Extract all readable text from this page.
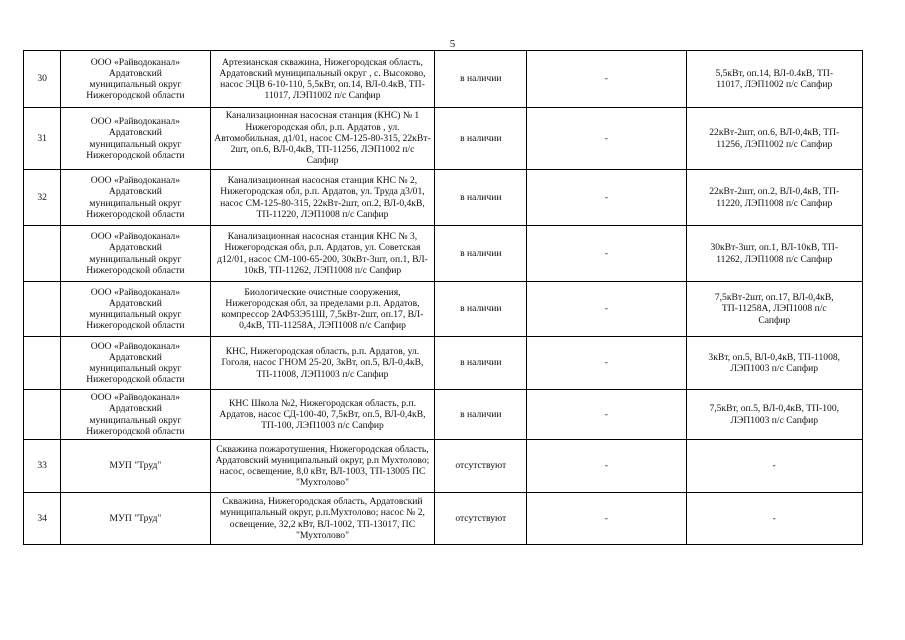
5
30	ООО «Райводоканал»
Ардатовский
муниципальный округ
Нижегородской области	Артезианская скважина, Нижегородская область,
Ардатовский муниципальный округ , с. Высоково,
насос ЭЦВ 6-10-110, 5,5кВт, оп.14, ВЛ-0.4кВ, ТП-
11017, ЛЭП1002 п/с Сапфир	в наличии	-	5,5кВт, оп.14, ВЛ-0.4кВ, ТП-
11017, ЛЭП1002 п/с Сапфир
31	ООО «Райводоканал»
Ардатовский
муниципальный округ
Нижегородской области	Канализационная насосная станция (КНС) № 1
Нижегородская обл, р.п. Ардатов , ул.
Автомобильная, д1/01, насос СМ-125-80-315, 22кВт-
2шт, оп.6, ВЛ-0,4кВ, ТП-11256, ЛЭП1002 п/с
Сапфир	в наличии	-	22кВт-2шт, оп.6, ВЛ-0,4кВ, ТП-
11256, ЛЭП1002 п/с Сапфир
32	ООО «Райводоканал»
Ардатовский
муниципальный округ
Нижегородской области	Канализационная насосная станция КНС № 2,
Нижегородская обл, р.п. Ардатов, ул. Труда д3/01,
насос СМ-125-80-315, 22кВт-2шт, оп.2, ВЛ-0,4кВ,
ТП-11220, ЛЭП1008 п/с Сапфир	в наличии	-	22кВт-2шт, оп.2, ВЛ-0,4кВ, ТП-
11220, ЛЭП1008 п/с Сапфир
	ООО «Райводоканал»
Ардатовский
муниципальный округ
Нижегородской области	Канализационная насосная станция КНС № 3,
Нижегородская обл, р.п. Ардатов, ул. Советская
д12/01, насос СМ-100-65-200, 30кВт-3шт, оп.1, ВЛ-
10кВ, ТП-11262, ЛЭП1008 п/с Сапфир	в наличии	-	30кВт-3шт, оп.1, ВЛ-10кВ, ТП-
11262, ЛЭП1008 п/с Сапфир
	ООО «Райводоканал»
Ардатовский
муниципальный округ
Нижегородской области	Биологические очистные сооружения,
Нижегородская обл, за пределами р.п. Ардатов,
компрессор 2АФ53Э51Ш, 7,5кВт-2шт, оп.17, ВЛ-
0,4кВ, ТП-11258А, ЛЭП1008 п/с Сапфир	в наличии	-	7,5кВт-2шт, оп.17, ВЛ-0,4кВ,
ТП-11258А, ЛЭП1008 п/с
Сапфир
	ООО «Райводоканал»
Ардатовский
муниципальный округ
Нижегородской области	КНС, Нижегородская область, р.п. Ардатов, ул.
Гоголя, насос ГНОМ 25-20, 3кВт, оп.5, ВЛ-0,4кВ,
ТП-11008, ЛЭП1003 п/с Сапфир	в наличии	-	3кВт, оп.5, ВЛ-0,4кВ, ТП-11008,
ЛЭП1003 п/с Сапфир
	ООО «Райводоканал»
Ардатовский
муниципальный округ
Нижегородской области	КНС Школа №2, Нижегородская область, р.п.
Ардатов, насос СД-100-40, 7,5кВт, оп.5, ВЛ-0,4кВ,
ТП-100, ЛЭП1003 п/с Сапфир	в наличии	-	7,5кВт, оп.5, ВЛ-0,4кВ, ТП-100,
ЛЭП1003 п/с Сапфир
33	МУП "Труд"	Скважина пожаротушения, Нижегородская область,
Ардатовский муниципальный округ, р.п Мухтолово;
насос, освещение, 8,0 кВт, ВЛ-1003, ТП-13005 ПС
"Мухтолово"	отсутствуют	-	-
34	МУП "Труд"	Скважина, Нижегородская область, Ардатовский
муниципальный округ, р.п.Мухтолово; насос № 2,
освещение, 32,2 кВт, ВЛ-1002, ТП-13017, ПС
"Мухтолово"	отсутствуют	-	-
